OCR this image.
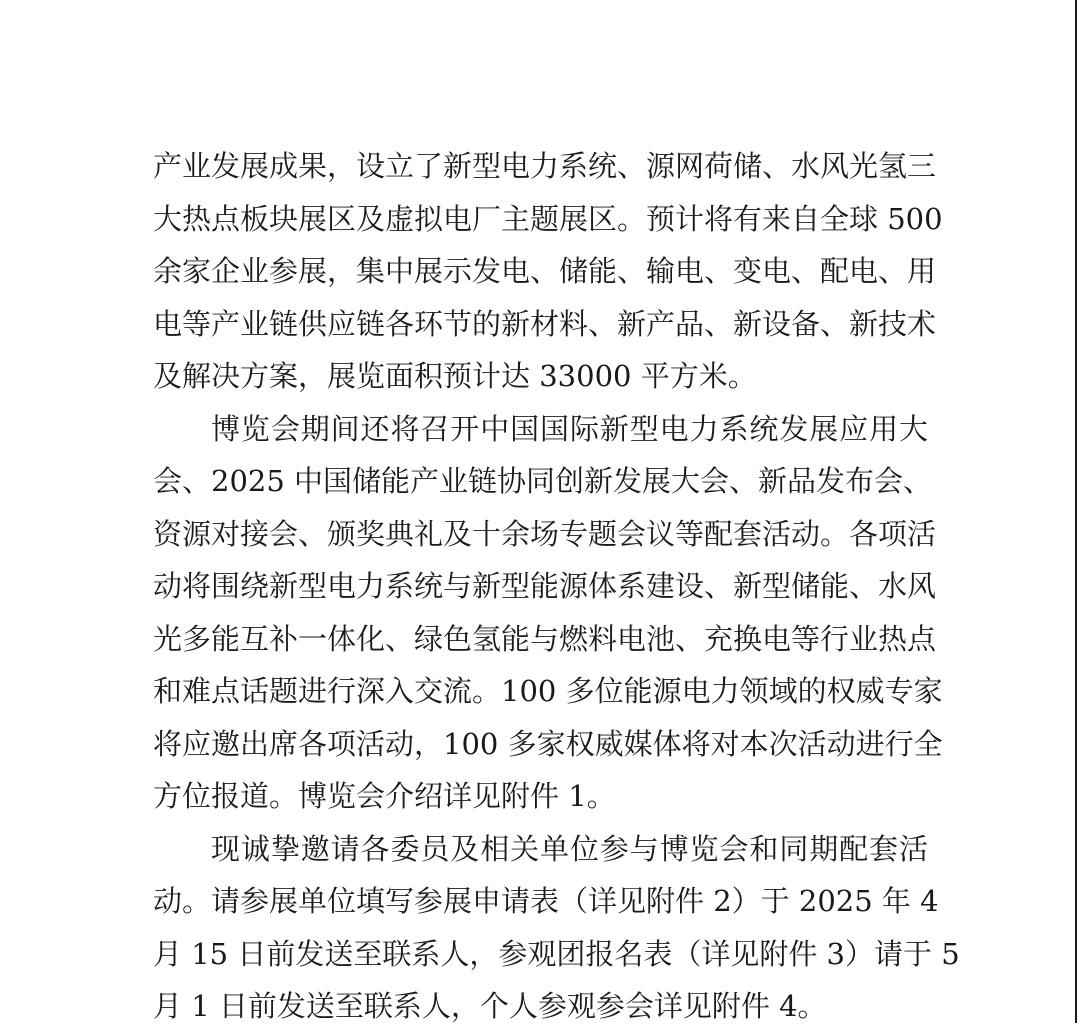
产业发展成果，设立了新型电力系统、源网荷储、水风光氢三
大热点板块展区及虚拟电厂主题展区。预计将有来自全球 500
余家企业参展，集中展示发电、储能、输电、变电、配电、用
电等产业链供应链各环节的新材料、新产品、新设备、新技术
及解决方案，展览面积预计达 33000 平方米。
博览会期间还将召开中国国际新型电力系统发展应用大
会、2025 中国储能产业链协同创新发展大会、新品发布会、
资源对接会、颁奖典礼及十余场专题会议等配套活动。各项活
动将围绕新型电力系统与新型能源体系建设、新型储能、水风
光多能互补一体化、绿色氢能与燃料电池、充换电等行业热点
和难点话题进行深入交流。100 多位能源电力领域的权威专家
将应邀出席各项活动，100 多家权威媒体将对本次活动进行全
方位报道。博览会介绍详见附件 1。
现诚挚邀请各委员及相关单位参与博览会和同期配套活
动。请参展单位填写参展申请表（详见附件 2）于 2025 年 4
月 15 日前发送至联系人，参观团报名表（详见附件 3）请于 5
月 1 日前发送至联系人，个人参观参会详见附件 4。
